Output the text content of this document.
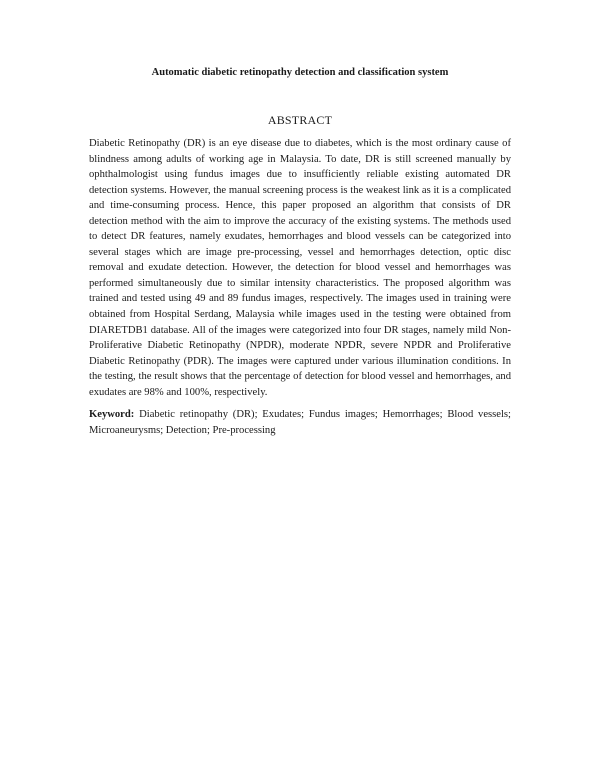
Automatic diabetic retinopathy detection and classification system
ABSTRACT

Diabetic Retinopathy (DR) is an eye disease due to diabetes, which is the most ordinary cause of blindness among adults of working age in Malaysia. To date, DR is still screened manually by ophthalmologist using fundus images due to insufficiently reliable existing automated DR detection systems. However, the manual screening process is the weakest link as it is a complicated and time-consuming process. Hence, this paper proposed an algorithm that consists of DR detection method with the aim to improve the accuracy of the existing systems. The methods used to detect DR features, namely exudates, hemorrhages and blood vessels can be categorized into several stages which are image pre-processing, vessel and hemorrhages detection, optic disc removal and exudate detection. However, the detection for blood vessel and hemorrhages was performed simultaneously due to similar intensity characteristics. The proposed algorithm was trained and tested using 49 and 89 fundus images, respectively. The images used in training were obtained from Hospital Serdang, Malaysia while images used in the testing were obtained from DIARETDB1 database. All of the images were categorized into four DR stages, namely mild Non-Proliferative Diabetic Retinopathy (NPDR), moderate NPDR, severe NPDR and Proliferative Diabetic Retinopathy (PDR). The images were captured under various illumination conditions. In the testing, the result shows that the percentage of detection for blood vessel and hemorrhages, and exudates are 98% and 100%, respectively.

Keyword: Diabetic retinopathy (DR); Exudates; Fundus images; Hemorrhages; Blood vessels; Microaneurysms; Detection; Pre-processing
